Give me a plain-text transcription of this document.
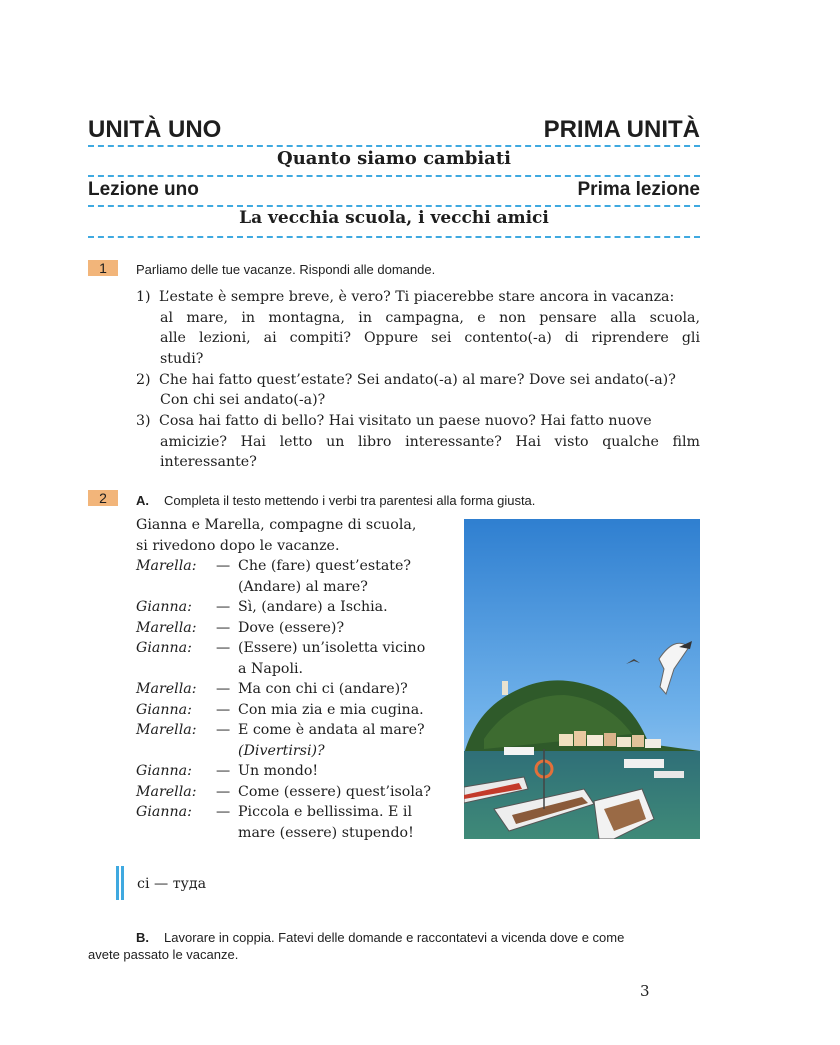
UNITÀ UNO	PRIMA UNITÀ
Quanto siamo cambiati
Lezione uno	Prima lezione
La vecchia scuola, i vecchi amici
1	Parliamo delle tue vacanze. Rispondi alle domande.
1) L’estate è sempre breve, è vero? Ti piacerebbe stare ancora in vacanza:
al mare, in montagna, in campagna, e non pensare alla scuola,
alle lezioni, ai compiti? Oppure sei contento(-a) di riprendere gli
studi?
2) Che hai fatto quest’estate? Sei andato(-a) al mare? Dove sei andato(-a)?
Con chi sei andato(-a)?
3) Cosa hai fatto di bello? Hai visitato un paese nuovo? Hai fatto nuove
amicizie? Hai letto un libro interessante? Hai visto qualche film
interessante?
2	A. Completa il testo mettendo i verbi tra parentesi alla forma giusta.
Gianna e Marella, compagne di scuola,
si rivedono dopo le vacanze.
Marella: — Che (fare) quest’estate?
(Andare) al mare?
Gianna: — Sì, (andare) a Ischia.
Marella: — Dove (essere)?
Gianna: — (Essere) un’isoletta vicino
a Napoli.
Marella: — Ma con chi ci (andare)?
Gianna: — Con mia zia e mia cugina.
Marella: — E come è andata al mare?
(Divertirsi)?
Gianna: — Un mondo!
Marella: — Come (essere) quest’isola?
Gianna: — Piccola e bellissima. E il
mare (essere) stupendo!
ci — туда
B. Lavorare in coppia. Fatevi delle domande e raccontatevi a vicenda dove e come
avete passato le vacanze.
3
